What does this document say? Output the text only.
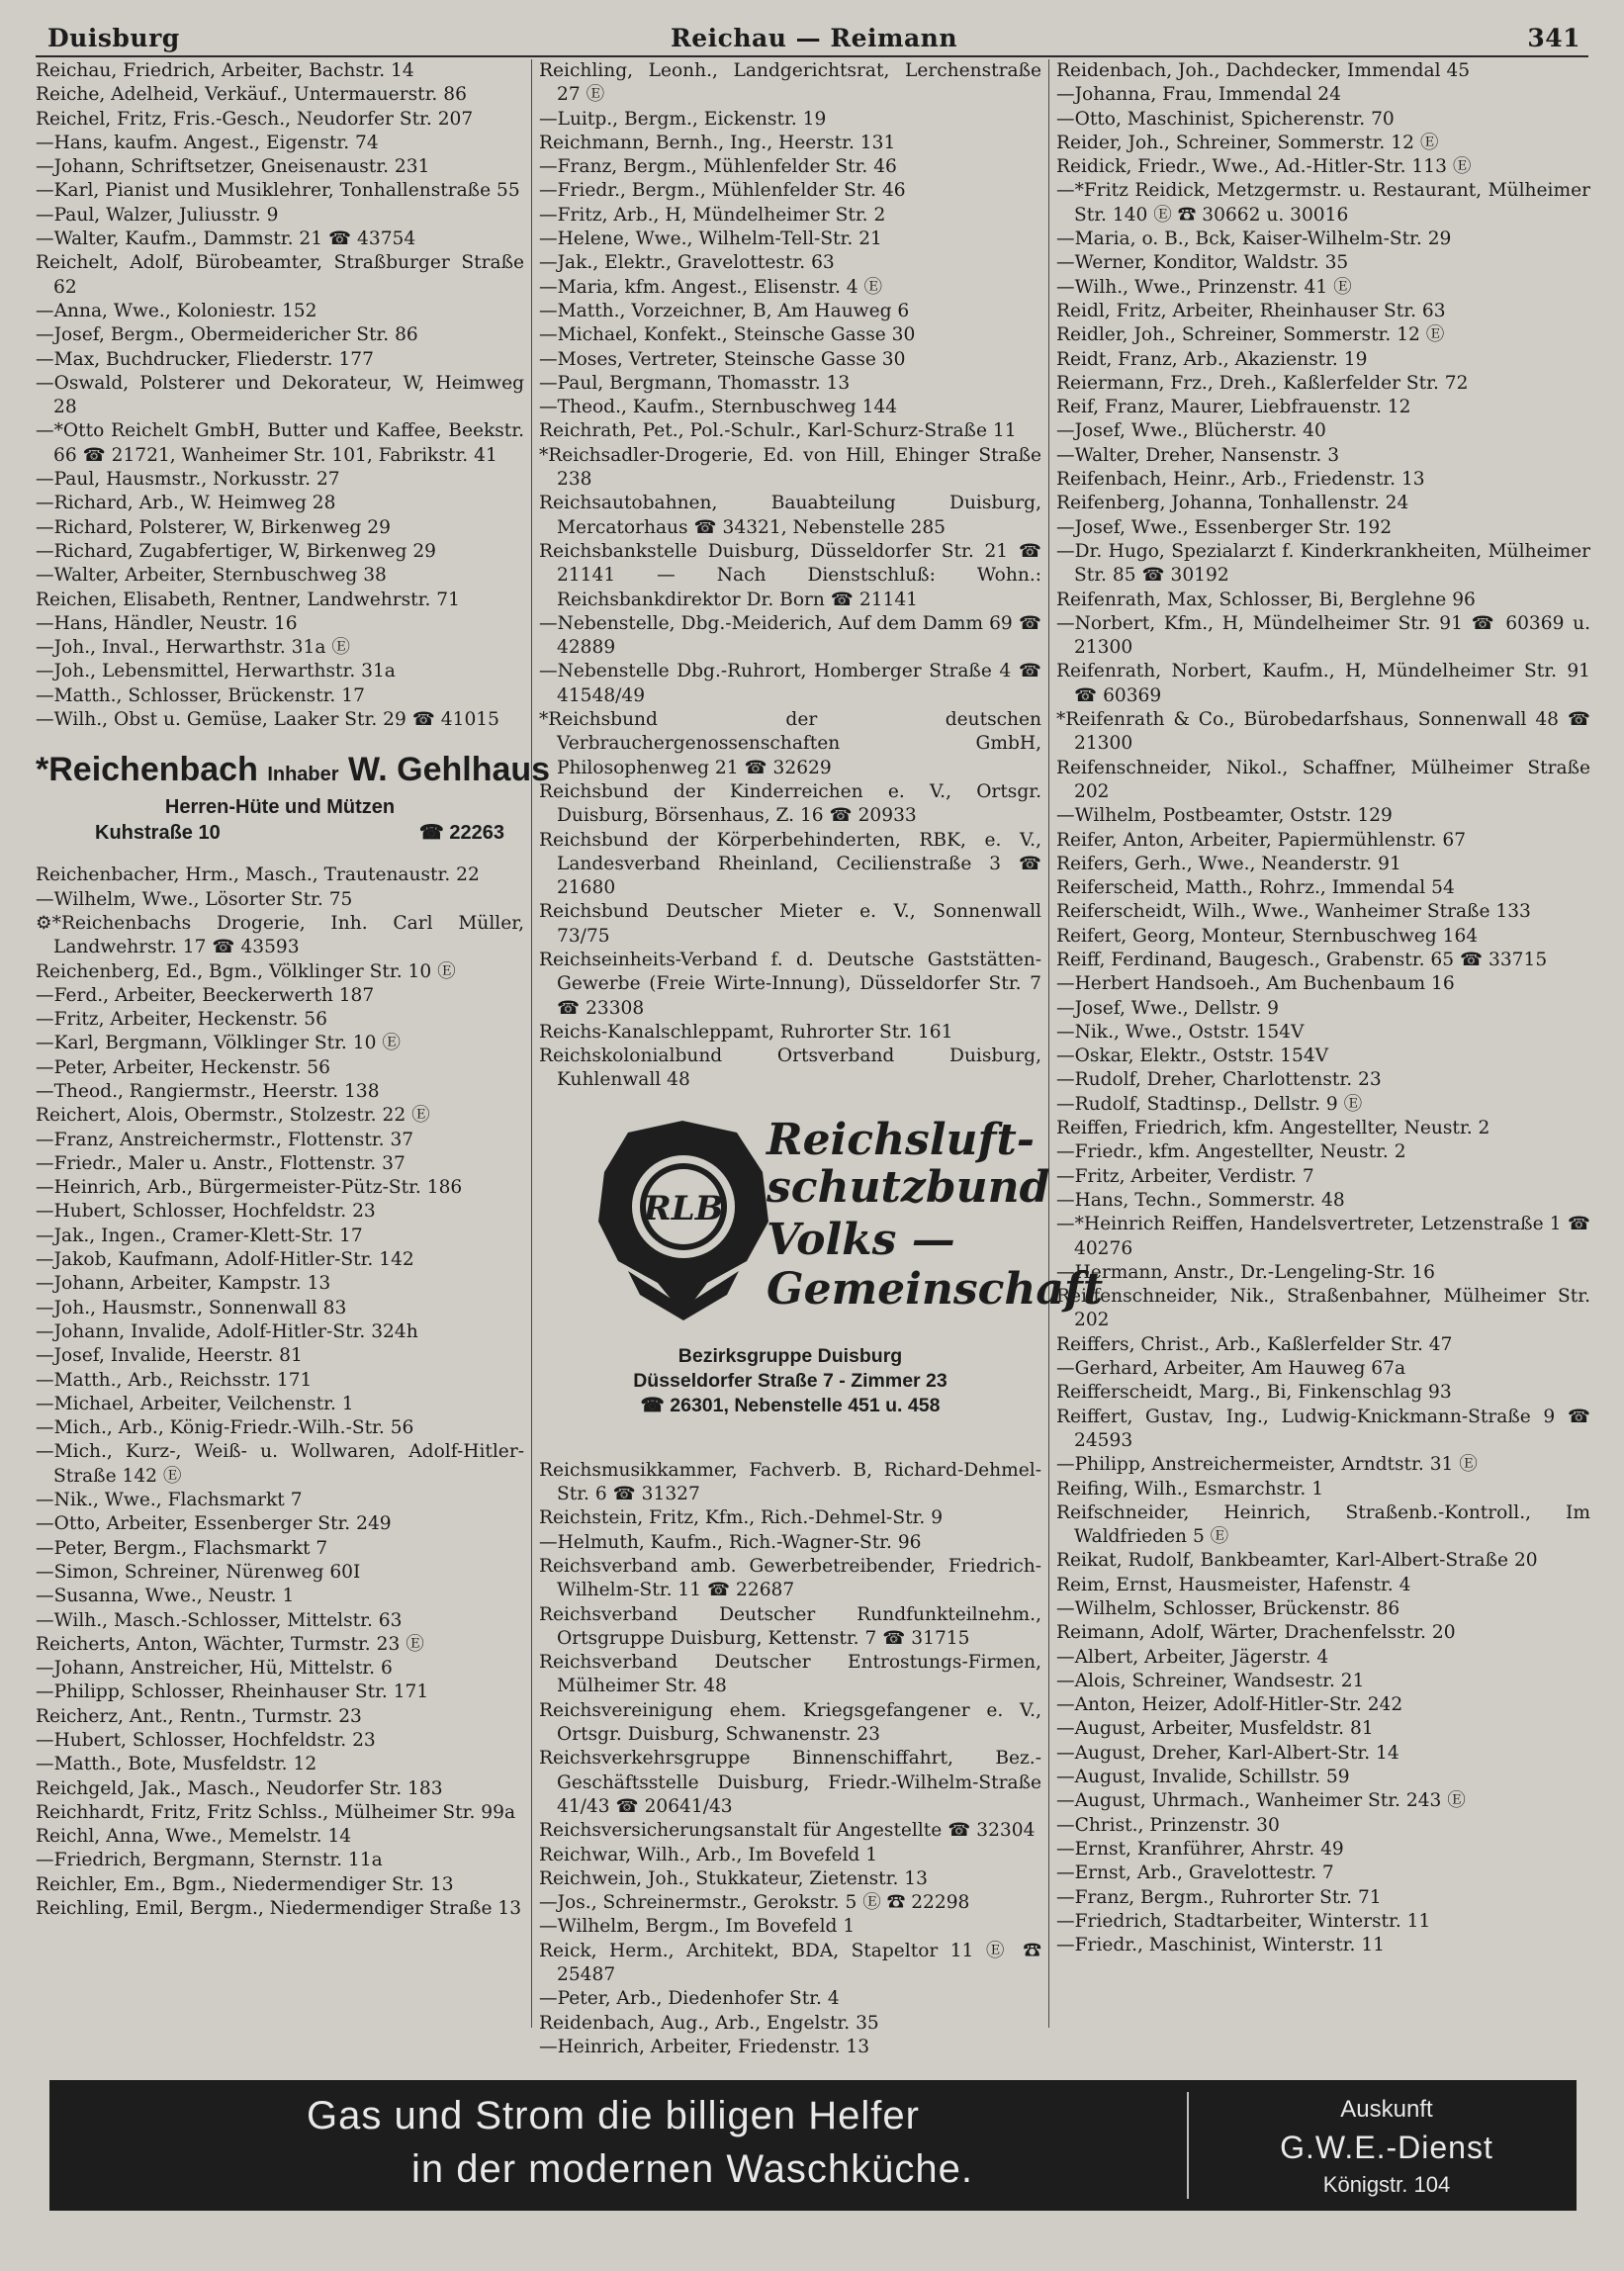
Duisburg	Reichau — Reimann	341
Reichau, Friedrich, Arbeiter, Bachstr. 14
Reiche, Adelheid, Verkäuf., Untermauerstr. 86
Reichel, Fritz, Fris.-Gesch., Neudorfer Str. 207
—Hans, kaufm. Angest., Eigenstr. 74
—Johann, Schriftsetzer, Gneisenaustr. 231
—Karl, Pianist und Musiklehrer, Tonhallenstraße 55
—Paul, Walzer, Juliusstr. 9
—Walter, Kaufm., Dammstr. 21 ☎ 43754
Reichelt, Adolf, Bürobeamter, Straßburger Straße 62
—Anna, Wwe., Koloniestr. 152
—Josef, Bergm., Obermeidericher Str. 86
—Max, Buchdrucker, Fliederstr. 177
—Oswald, Polsterer und Dekorateur, W, Heimweg 28
—*Otto Reichelt GmbH, Butter und Kaffee, Beekstr. 66 ☎ 21721, Wanheimer Str. 101, Fabrikstr. 41
—Paul, Hausmstr., Norkusstr. 27
—Richard, Arb., W. Heimweg 28
—Richard, Polsterer, W, Birkenweg 29
—Richard, Zugabfertiger, W, Birkenweg 29
—Walter, Arbeiter, Sternbuschweg 38
Reichen, Elisabeth, Rentner, Landwehrstr. 71
—Hans, Händler, Neustr. 16
—Joh., Inval., Herwarthstr. 31a Ⓔ
—Joh., Lebensmittel, Herwarthstr. 31a
—Matth., Schlosser, Brückenstr. 17
—Wilh., Obst u. Gemüse, Laaker Str. 29 ☎ 41015
*Reichenbach Inhaber W. Gehlhaus
Herren-Hüte und Mützen
Kuhstraße 10	☎ 22263
Reichenbacher, Hrm., Masch., Trautenaustr. 22
—Wilhelm, Wwe., Lösorter Str. 75
⚙*Reichenbachs Drogerie, Inh. Carl Müller, Landwehrstr. 17 ☎ 43593
Reichenberg, Ed., Bgm., Völklinger Str. 10 Ⓔ
—Ferd., Arbeiter, Beeckerwerth 187
—Fritz, Arbeiter, Heckenstr. 56
—Karl, Bergmann, Völklinger Str. 10 Ⓔ
—Peter, Arbeiter, Heckenstr. 56
—Theod., Rangiermstr., Heerstr. 138
Reichert, Alois, Obermstr., Stolzestr. 22 Ⓔ
—Franz, Anstreichermstr., Flottenstr. 37
—Friedr., Maler u. Anstr., Flottenstr. 37
—Heinrich, Arb., Bürgermeister-Pütz-Str. 186
—Hubert, Schlosser, Hochfeldstr. 23
—Jak., Ingen., Cramer-Klett-Str. 17
—Jakob, Kaufmann, Adolf-Hitler-Str. 142
—Johann, Arbeiter, Kampstr. 13
—Joh., Hausmstr., Sonnenwall 83
—Johann, Invalide, Adolf-Hitler-Str. 324h
—Josef, Invalide, Heerstr. 81
—Matth., Arb., Reichsstr. 171
—Michael, Arbeiter, Veilchenstr. 1
—Mich., Arb., König-Friedr.-Wilh.-Str. 56
—Mich., Kurz-, Weiß- u. Wollwaren, Adolf-Hitler-Straße 142 Ⓔ
—Nik., Wwe., Flachsmarkt 7
—Otto, Arbeiter, Essenberger Str. 249
—Peter, Bergm., Flachsmarkt 7
—Simon, Schreiner, Nürenweg 60I
—Susanna, Wwe., Neustr. 1
—Wilh., Masch.-Schlosser, Mittelstr. 63
Reicherts, Anton, Wächter, Turmstr. 23 Ⓔ
—Johann, Anstreicher, Hü, Mittelstr. 6
—Philipp, Schlosser, Rheinhauser Str. 171
Reicherz, Ant., Rentn., Turmstr. 23
—Hubert, Schlosser, Hochfeldstr. 23
—Matth., Bote, Musfeldstr. 12
Reichgeld, Jak., Masch., Neudorfer Str. 183
Reichhardt, Fritz, Fritz Schlss., Mülheimer Str. 99a
Reichl, Anna, Wwe., Memelstr. 14
—Friedrich, Bergmann, Sternstr. 11a
Reichler, Em., Bgm., Niedermendiger Str. 13
Reichling, Emil, Bergm., Niedermendiger Straße 13
Reichling, Leonh., Landgerichtsrat, Lerchenstraße 27 Ⓔ
—Luitp., Bergm., Eickenstr. 19
Reichmann, Bernh., Ing., Heerstr. 131
—Franz, Bergm., Mühlenfelder Str. 46
—Friedr., Bergm., Mühlenfelder Str. 46
—Fritz, Arb., H, Mündelheimer Str. 2
—Helene, Wwe., Wilhelm-Tell-Str. 21
—Jak., Elektr., Gravelottestr. 63
—Maria, kfm. Angest., Elisenstr. 4 Ⓔ
—Matth., Vorzeichner, B, Am Hauweg 6
—Michael, Konfekt., Steinsche Gasse 30
—Moses, Vertreter, Steinsche Gasse 30
—Paul, Bergmann, Thomasstr. 13
—Theod., Kaufm., Sternbuschweg 144
Reichrath, Pet., Pol.-Schulr., Karl-Schurz-Straße 11
*Reichsadler-Drogerie, Ed. von Hill, Ehinger Straße 238
Reichsautobahnen, Bauabteilung Duisburg, Mercatorhaus ☎ 34321, Nebenstelle 285
Reichsbankstelle Duisburg, Düsseldorfer Str. 21 ☎ 21141 — Nach Dienstschluß: Wohn.: Reichsbankdirektor Dr. Born ☎ 21141
—Nebenstelle, Dbg.-Meiderich, Auf dem Damm 69 ☎ 42889
—Nebenstelle Dbg.-Ruhrort, Homberger Straße 4 ☎ 41548/49
*Reichsbund der deutschen Verbrauchergenossenschaften GmbH, Philosophenweg 21 ☎ 32629
Reichsbund der Kinderreichen e. V., Ortsgr. Duisburg, Börsenhaus, Z. 16 ☎ 20933
Reichsbund der Körperbehinderten, RBK, e. V., Landesverband Rheinland, Cecilienstraße 3 ☎ 21680
Reichsbund Deutscher Mieter e. V., Sonnenwall 73/75
Reichseinheits-Verband f. d. Deutsche Gaststätten-Gewerbe (Freie Wirte-Innung), Düsseldorfer Str. 7 ☎ 23308
Reichs-Kanalschleppamt, Ruhrorter Str. 161
Reichskolonialbund Ortsverband Duisburg, Kuhlenwall 48
RLB
Reichsluft-
schutzbund
Volks —
Gemeinschaft
Bezirksgruppe Duisburg
Düsseldorfer Straße 7 - Zimmer 23
☎ 26301, Nebenstelle 451 u. 458
Reichsmusikkammer, Fachverb. B, Richard-Dehmel-Str. 6 ☎ 31327
Reichstein, Fritz, Kfm., Rich.-Dehmel-Str. 9
—Helmuth, Kaufm., Rich.-Wagner-Str. 96
Reichsverband amb. Gewerbetreibender, Friedrich-Wilhelm-Str. 11 ☎ 22687
Reichsverband Deutscher Rundfunkteilnehm., Ortsgruppe Duisburg, Kettenstr. 7 ☎ 31715
Reichsverband Deutscher Entrostungs-Firmen, Mülheimer Str. 48
Reichsvereinigung ehem. Kriegsgefangener e. V., Ortsgr. Duisburg, Schwanenstr. 23
Reichsverkehrsgruppe Binnenschiffahrt, Bez.-Geschäftsstelle Duisburg, Friedr.-Wilhelm-Straße 41/43 ☎ 20641/43
Reichsversicherungsanstalt für Angestellte ☎ 32304
Reichwar, Wilh., Arb., Im Bovefeld 1
Reichwein, Joh., Stukkateur, Zietenstr. 13
—Jos., Schreinermstr., Gerokstr. 5 Ⓔ ☎ 22298
—Wilhelm, Bergm., Im Bovefeld 1
Reick, Herm., Architekt, BDA, Stapeltor 11 Ⓔ ☎ 25487
—Peter, Arb., Diedenhofer Str. 4
Reidenbach, Aug., Arb., Engelstr. 35
—Heinrich, Arbeiter, Friedenstr. 13
Reidenbach, Joh., Dachdecker, Immendal 45
—Johanna, Frau, Immendal 24
—Otto, Maschinist, Spicherenstr. 70
Reider, Joh., Schreiner, Sommerstr. 12 Ⓔ
Reidick, Friedr., Wwe., Ad.-Hitler-Str. 113 Ⓔ
—*Fritz Reidick, Metzgermstr. u. Restaurant, Mülheimer Str. 140 Ⓔ ☎ 30662 u. 30016
—Maria, o. B., Bck, Kaiser-Wilhelm-Str. 29
—Werner, Konditor, Waldstr. 35
—Wilh., Wwe., Prinzenstr. 41 Ⓔ
Reidl, Fritz, Arbeiter, Rheinhauser Str. 63
Reidler, Joh., Schreiner, Sommerstr. 12 Ⓔ
Reidt, Franz, Arb., Akazienstr. 19
Reiermann, Frz., Dreh., Kaßlerfelder Str. 72
Reif, Franz, Maurer, Liebfrauenstr. 12
—Josef, Wwe., Blücherstr. 40
—Walter, Dreher, Nansenstr. 3
Reifenbach, Heinr., Arb., Friedenstr. 13
Reifenberg, Johanna, Tonhallenstr. 24
—Josef, Wwe., Essenberger Str. 192
—Dr. Hugo, Spezialarzt f. Kinderkrankheiten, Mülheimer Str. 85 ☎ 30192
Reifenrath, Max, Schlosser, Bi, Berglehne 96
—Norbert, Kfm., H, Mündelheimer Str. 91 ☎ 60369 u. 21300
Reifenrath, Norbert, Kaufm., H, Mündelheimer Str. 91 ☎ 60369
*Reifenrath & Co., Bürobedarfshaus, Sonnenwall 48 ☎ 21300
Reifenschneider, Nikol., Schaffner, Mülheimer Straße 202
—Wilhelm, Postbeamter, Oststr. 129
Reifer, Anton, Arbeiter, Papiermühlenstr. 67
Reifers, Gerh., Wwe., Neanderstr. 91
Reiferscheid, Matth., Rohrz., Immendal 54
Reiferscheidt, Wilh., Wwe., Wanheimer Straße 133
Reifert, Georg, Monteur, Sternbuschweg 164
Reiff, Ferdinand, Baugesch., Grabenstr. 65 ☎ 33715
—Herbert Handsoeh., Am Buchenbaum 16
—Josef, Wwe., Dellstr. 9
—Nik., Wwe., Oststr. 154V
—Oskar, Elektr., Oststr. 154V
—Rudolf, Dreher, Charlottenstr. 23
—Rudolf, Stadtinsp., Dellstr. 9 Ⓔ
Reiffen, Friedrich, kfm. Angestellter, Neustr. 2
—Friedr., kfm. Angestellter, Neustr. 2
—Fritz, Arbeiter, Verdistr. 7
—Hans, Techn., Sommerstr. 48
—*Heinrich Reiffen, Handelsvertreter, Letzenstraße 1 ☎ 40276
—Hermann, Anstr., Dr.-Lengeling-Str. 16
Reiffenschneider, Nik., Straßenbahner, Mülheimer Str. 202
Reiffers, Christ., Arb., Kaßlerfelder Str. 47
—Gerhard, Arbeiter, Am Hauweg 67a
Reifferscheidt, Marg., Bi, Finkenschlag 93
Reiffert, Gustav, Ing., Ludwig-Knickmann-Straße 9 ☎ 24593
—Philipp, Anstreichermeister, Arndtstr. 31 Ⓔ
Reifing, Wilh., Esmarchstr. 1
Reifschneider, Heinrich, Straßenb.-Kontroll., Im Waldfrieden 5 Ⓔ
Reikat, Rudolf, Bankbeamter, Karl-Albert-Straße 20
Reim, Ernst, Hausmeister, Hafenstr. 4
—Wilhelm, Schlosser, Brückenstr. 86
Reimann, Adolf, Wärter, Drachenfelsstr. 20
—Albert, Arbeiter, Jägerstr. 4
—Alois, Schreiner, Wandsestr. 21
—Anton, Heizer, Adolf-Hitler-Str. 242
—August, Arbeiter, Musfeldstr. 81
—August, Dreher, Karl-Albert-Str. 14
—August, Invalide, Schillstr. 59
—August, Uhrmach., Wanheimer Str. 243 Ⓔ
—Christ., Prinzenstr. 30
—Ernst, Kranführer, Ahrstr. 49
—Ernst, Arb., Gravelottestr. 7
—Franz, Bergm., Ruhrorter Str. 71
—Friedrich, Stadtarbeiter, Winterstr. 11
—Friedr., Maschinist, Winterstr. 11
Gas und Strom die billigen Helfer
in der modernen Waschküche.
Auskunft
G.W.E.-Dienst
Königstr. 104
